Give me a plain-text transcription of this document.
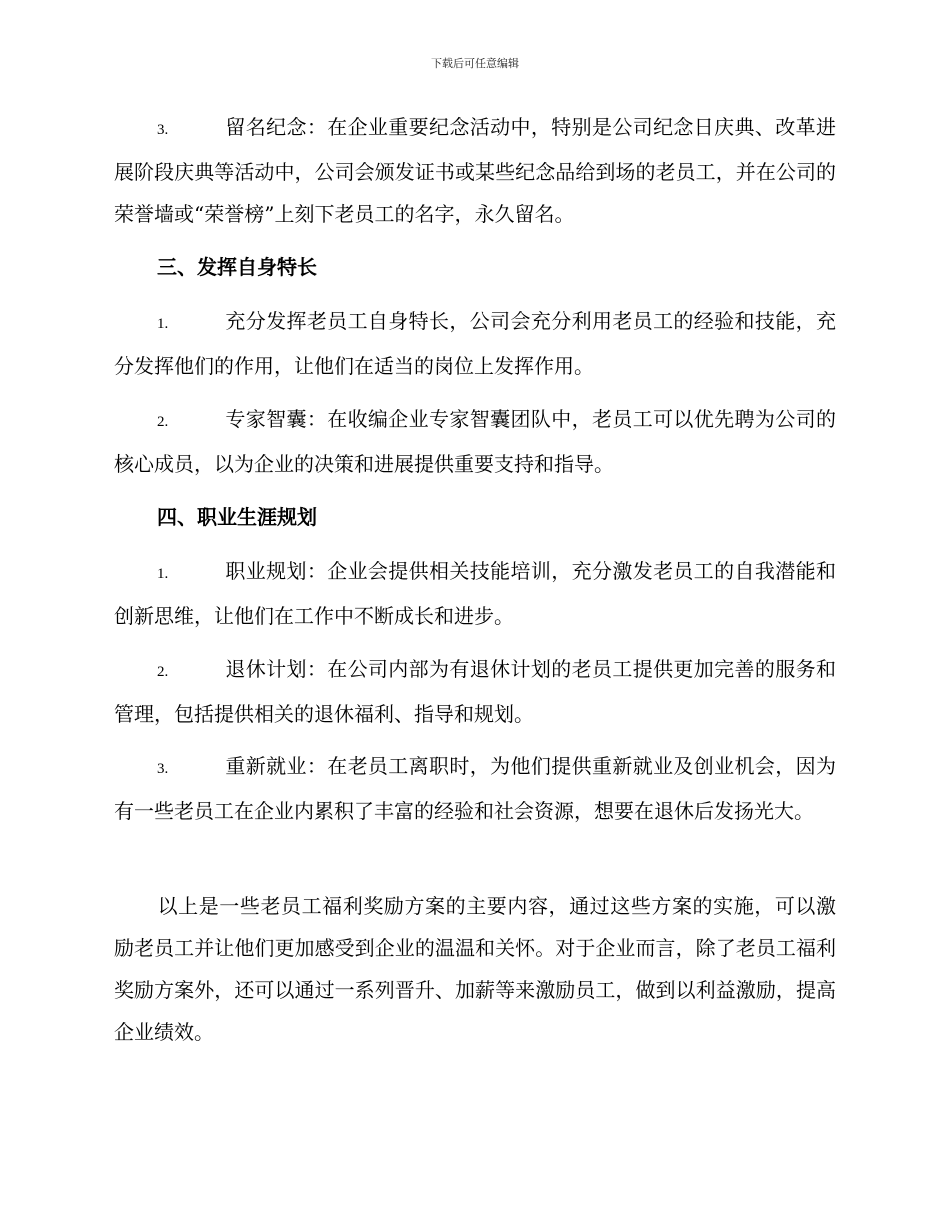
下载后可任意编辑

3.	留名纪念：在企业重要纪念活动中，特别是公司纪念日庆典、改革进展阶段庆典等活动中，公司会颁发证书或某些纪念品给到场的老员工，并在公司的荣誉墙或“荣誉榜”上刻下老员工的名字，永久留名。

三、发挥自身特长

1.	充分发挥老员工自身特长，公司会充分利用老员工的经验和技能，充分发挥他们的作用，让他们在适当的岗位上发挥作用。

2.	专家智囊：在收编企业专家智囊团队中，老员工可以优先聘为公司的核心成员，以为企业的决策和进展提供重要支持和指导。

四、职业生涯规划

1.	职业规划：企业会提供相关技能培训，充分激发老员工的自我潜能和创新思维，让他们在工作中不断成长和进步。

2.	退休计划：在公司内部为有退休计划的老员工提供更加完善的服务和管理，包括提供相关的退休福利、指导和规划。

3.	重新就业：在老员工离职时，为他们提供重新就业及创业机会，因为有一些老员工在企业内累积了丰富的经验和社会资源，想要在退休后发扬光大。

以上是一些老员工福利奖励方案的主要内容，通过这些方案的实施，可以激励老员工并让他们更加感受到企业的温温和关怀。对于企业而言，除了老员工福利奖励方案外，还可以通过一系列晋升、加薪等来激励员工，做到以利益激励，提高企业绩效。
